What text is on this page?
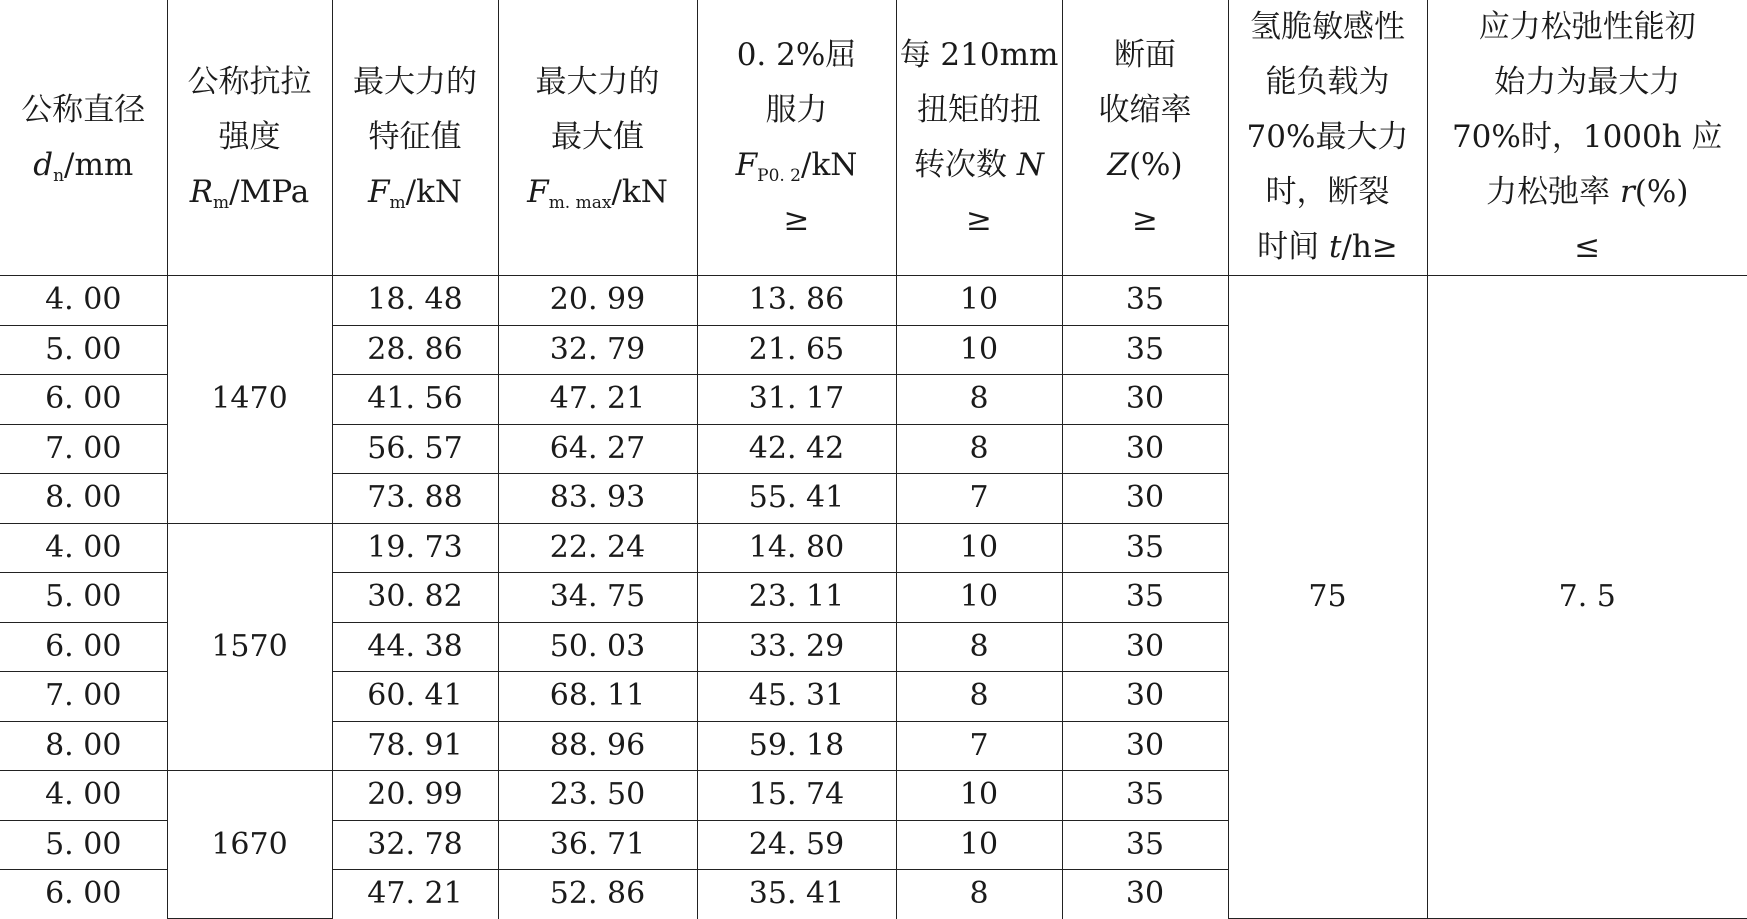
公称直径
$d_n/mm$	公称抗拉
强度
$R_m$/MPa	最大力的
特征值
$F_m/kN$	最大力的
最大值
$F_{m. max}/kN$	0. 2%屈
服力
$F_{P0. 2}/kN$
≥	每 210mm
扭矩的扭
转次数 N
≥	断面
收缩率
Z(%)
≥	氢脆敏感性
能负载为
70%最大力
时，断裂
时间 t/h≥	应力松弛性能初
始力为最大力
70%时，1000h 应
力松弛率 r(%)
≤

4. 00	1470	18. 48	20. 99	13. 86	10	35	75	7. 5
5. 00		28. 86	32. 79	21. 65	10	35		
6. 00		41. 56	47. 21	31. 17	8	30		
7. 00		56. 57	64. 27	42. 42	8	30		
8. 00		73. 88	83. 93	55. 41	7	30		
4. 00	1570	19. 73	22. 24	14. 80	10	35		
5. 00		30. 82	34. 75	23. 11	10	35		
6. 00		44. 38	50. 03	33. 29	8	30		
7. 00		60. 41	68. 11	45. 31	8	30		
8. 00		78. 91	88. 96	59. 18	7	30		
4. 00	1670	20. 99	23. 50	15. 74	10	35		
5. 00		32. 78	36. 71	24. 59	10	35		
6. 00		47. 21	52. 86	35. 41	8	30		
